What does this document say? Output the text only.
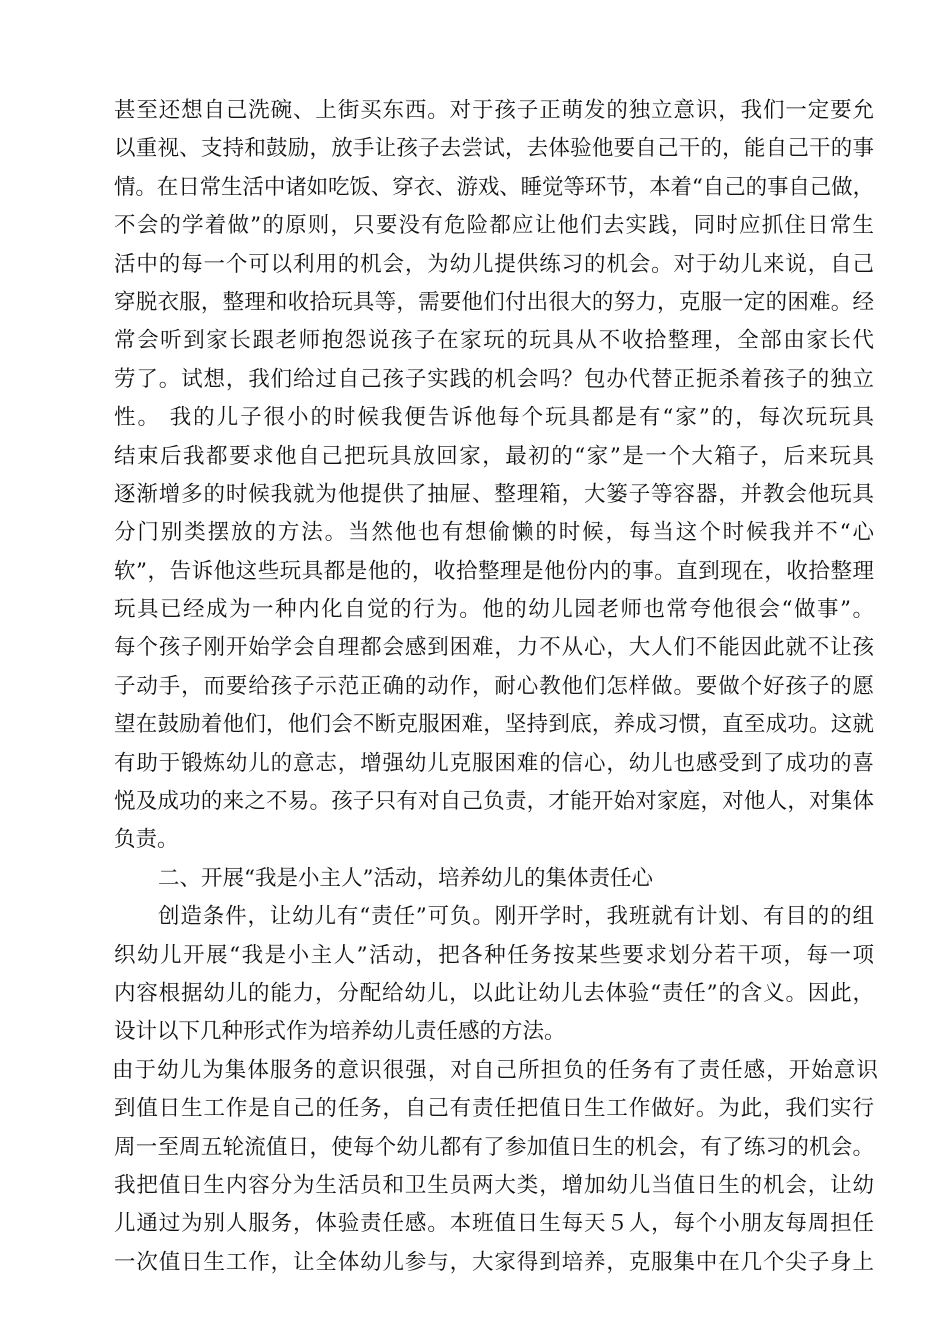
甚至还想自己洗碗、上街买东西。对于孩子正萌发的独立意识，我们一定要允
以重视、支持和鼓励，放手让孩子去尝试，去体验他要自己干的，能自己干的事
情。在日常生活中诸如吃饭、穿衣、游戏、睡觉等环节，本着“自己的事自己做，
不会的学着做”的原则，只要没有危险都应让他们去实践，同时应抓住日常生
活中的每一个可以利用的机会，为幼儿提供练习的机会。对于幼儿来说，自己
穿脱衣服，整理和收拾玩具等，需要他们付出很大的努力，克服一定的困难。经
常会听到家长跟老师抱怨说孩子在家玩的玩具从不收拾整理，全部由家长代
劳了。试想，我们给过自己孩子实践的机会吗？包办代替正扼杀着孩子的独立
性。 我的儿子很小的时候我便告诉他每个玩具都是有“家”的，每次玩玩具
结束后我都要求他自己把玩具放回家，最初的“家”是一个大箱子，后来玩具
逐渐增多的时候我就为他提供了抽屉、整理箱，大篓子等容器，并教会他玩具
分门别类摆放的方法。当然他也有想偷懒的时候，每当这个时候我并不“心
软”，告诉他这些玩具都是他的，收拾整理是他份内的事。直到现在，收拾整理
玩具已经成为一种内化自觉的行为。他的幼儿园老师也常夸他很会“做事”。
每个孩子刚开始学会自理都会感到困难，力不从心，大人们不能因此就不让孩
子动手，而要给孩子示范正确的动作，耐心教他们怎样做。要做个好孩子的愿
望在鼓励着他们，他们会不断克服困难，坚持到底，养成习惯，直至成功。这就
有助于锻炼幼儿的意志，增强幼儿克服困难的信心，幼儿也感受到了成功的喜
悦及成功的来之不易。孩子只有对自己负责，才能开始对家庭，对他人，对集体
负责。
二、开展“我是小主人”活动，培养幼儿的集体责任心
创造条件，让幼儿有“责任”可负。刚开学时，我班就有计划、有目的的组
织幼儿开展“我是小主人”活动，把各种任务按某些要求划分若干项，每一项
内容根据幼儿的能力，分配给幼儿，以此让幼儿去体验“责任”的含义。因此，
设计以下几种形式作为培养幼儿责任感的方法。
由于幼儿为集体服务的意识很强，对自己所担负的任务有了责任感，开始意识
到值日生工作是自己的任务，自己有责任把值日生工作做好。为此，我们实行
周一至周五轮流值日，使每个幼儿都有了参加值日生的机会，有了练习的机会。
我把值日生内容分为生活员和卫生员两大类，增加幼儿当值日生的机会，让幼
儿通过为别人服务，体验责任感。本班值日生每天５人，每个小朋友每周担任
一次值日生工作，让全体幼儿参与，大家得到培养，克服集中在几个尖子身上
